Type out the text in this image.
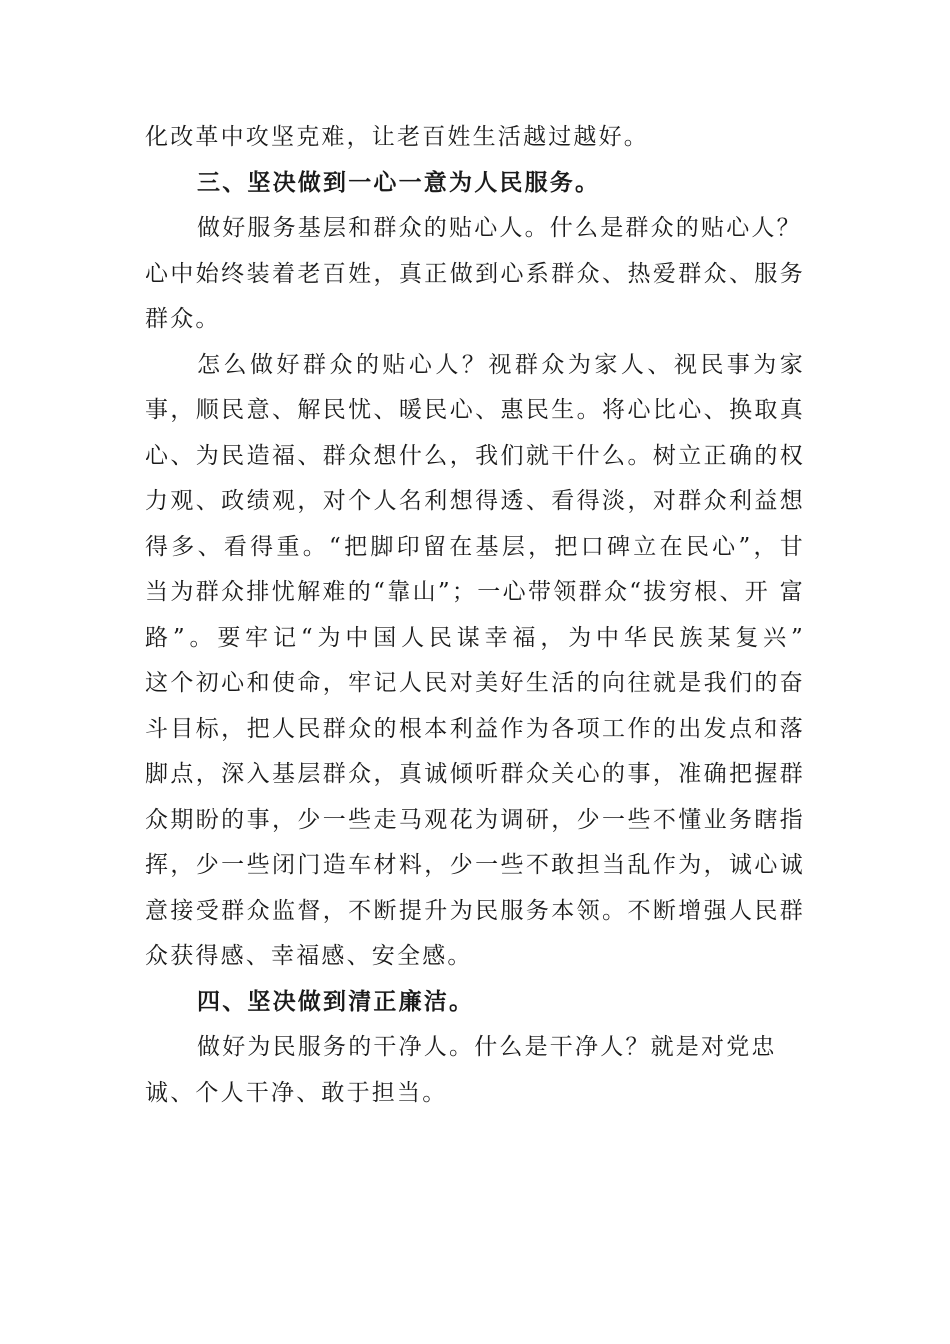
化改革中攻坚克难，让老百姓生活越过越好。
三、坚决做到一心一意为人民服务。
做好服务基层和群众的贴心人。什么是群众的贴心人？
心中始终装着老百姓，真正做到心系群众、热爱群众、服务
群众。
怎么做好群众的贴心人？视群众为家人、视民事为家
事，顺民意、解民忧、暖民心、惠民生。将心比心、换取真
心、为民造福、群众想什么，我们就干什么。树立正确的权
力观、政绩观，对个人名利想得透、看得淡，对群众利益想
得多、看得重。“把脚印留在基层，把口碑立在民心”，甘
当为群众排忧解难的“靠山”；一心带领群众“拔穷根、开 富
路”。要牢记“为中国人民谋幸福，为中华民族某复兴”
这个初心和使命，牢记人民对美好生活的向往就是我们的奋
斗目标，把人民群众的根本利益作为各项工作的出发点和落
脚点，深入基层群众，真诚倾听群众关心的事，准确把握群
众期盼的事，少一些走马观花为调研，少一些不懂业务瞎指
挥，少一些闭门造车材料，少一些不敢担当乱作为，诚心诚
意接受群众监督，不断提升为民服务本领。不断增强人民群
众获得感、幸福感、安全感。
四、坚决做到清正廉洁。
做好为民服务的干净人。什么是干净人？就是对党忠
诚、个人干净、敢于担当。
